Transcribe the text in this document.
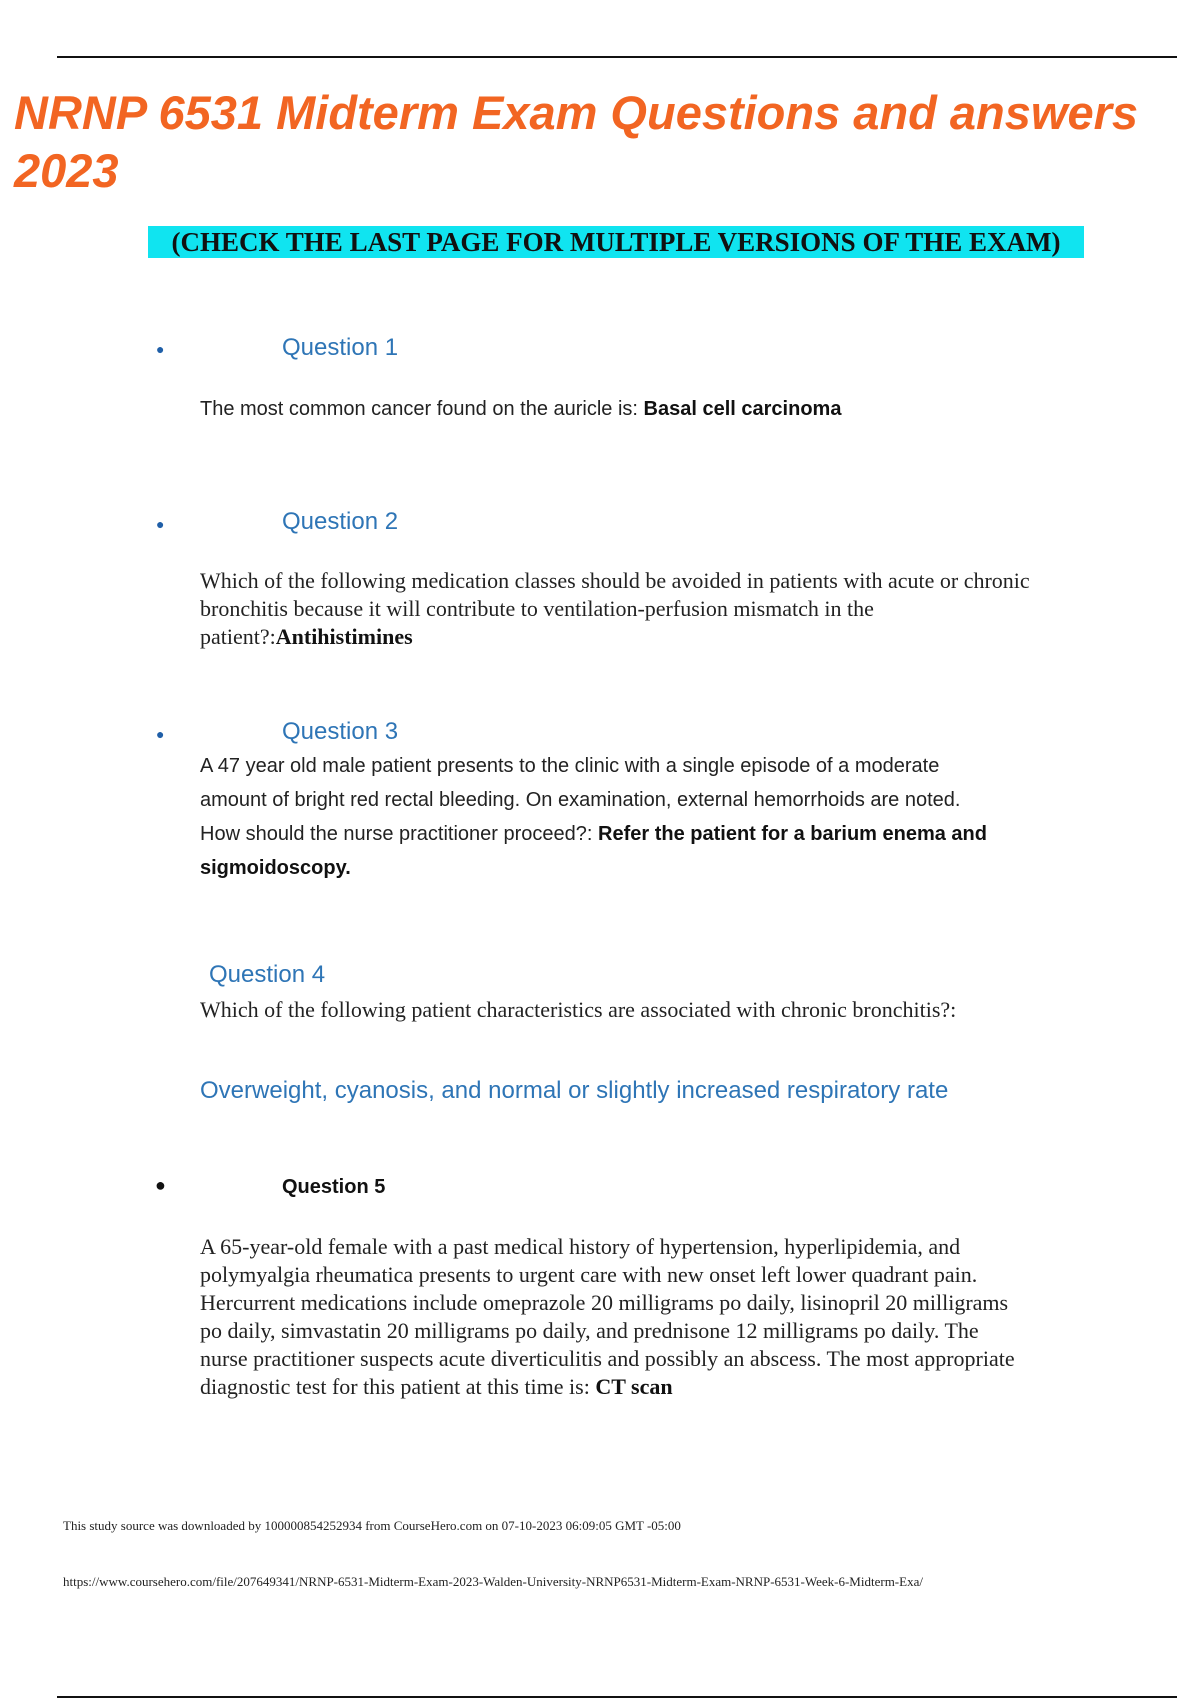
NRNP 6531 Midterm Exam Questions and answers 2023
(CHECK THE LAST PAGE FOR MULTIPLE VERSIONS OF THE EXAM)
●	Question 1
The most common cancer found on the auricle is: Basal cell carcinoma
●	Question 2
Which of the following medication classes should be avoided in patients with acute or chronic bronchitis because it will contribute to ventilation-perfusion mismatch in the patient?:Antihistimines
●	Question 3
A 47 year old male patient presents to the clinic with a single episode of a moderate amount of bright red rectal bleeding. On examination, external hemorrhoids are noted. How should the nurse practitioner proceed?: Refer the patient for a barium enema and sigmoidoscopy.
Question 4
Which of the following patient characteristics are associated with chronic bronchitis?:
Overweight, cyanosis, and normal or slightly increased respiratory rate
●	Question 5
A 65-year-old female with a past medical history of hypertension, hyperlipidemia, and polymyalgia rheumatica presents to urgent care with new onset left lower quadrant pain. Hercurrent medications include omeprazole 20 milligrams po daily, lisinopril 20 milligrams po daily, simvastatin 20 milligrams po daily, and prednisone 12 milligrams po daily. The nurse practitioner suspects acute diverticulitis and possibly an abscess. The most appropriate diagnostic test for this patient at this time is: CT scan
This study source was downloaded by 100000854252934 from CourseHero.com on 07-10-2023 06:09:05 GMT -05:00
https://www.coursehero.com/file/207649341/NRNP-6531-Midterm-Exam-2023-Walden-University-NRNP6531-Midterm-Exam-NRNP-6531-Week-6-Midterm-Exa/
